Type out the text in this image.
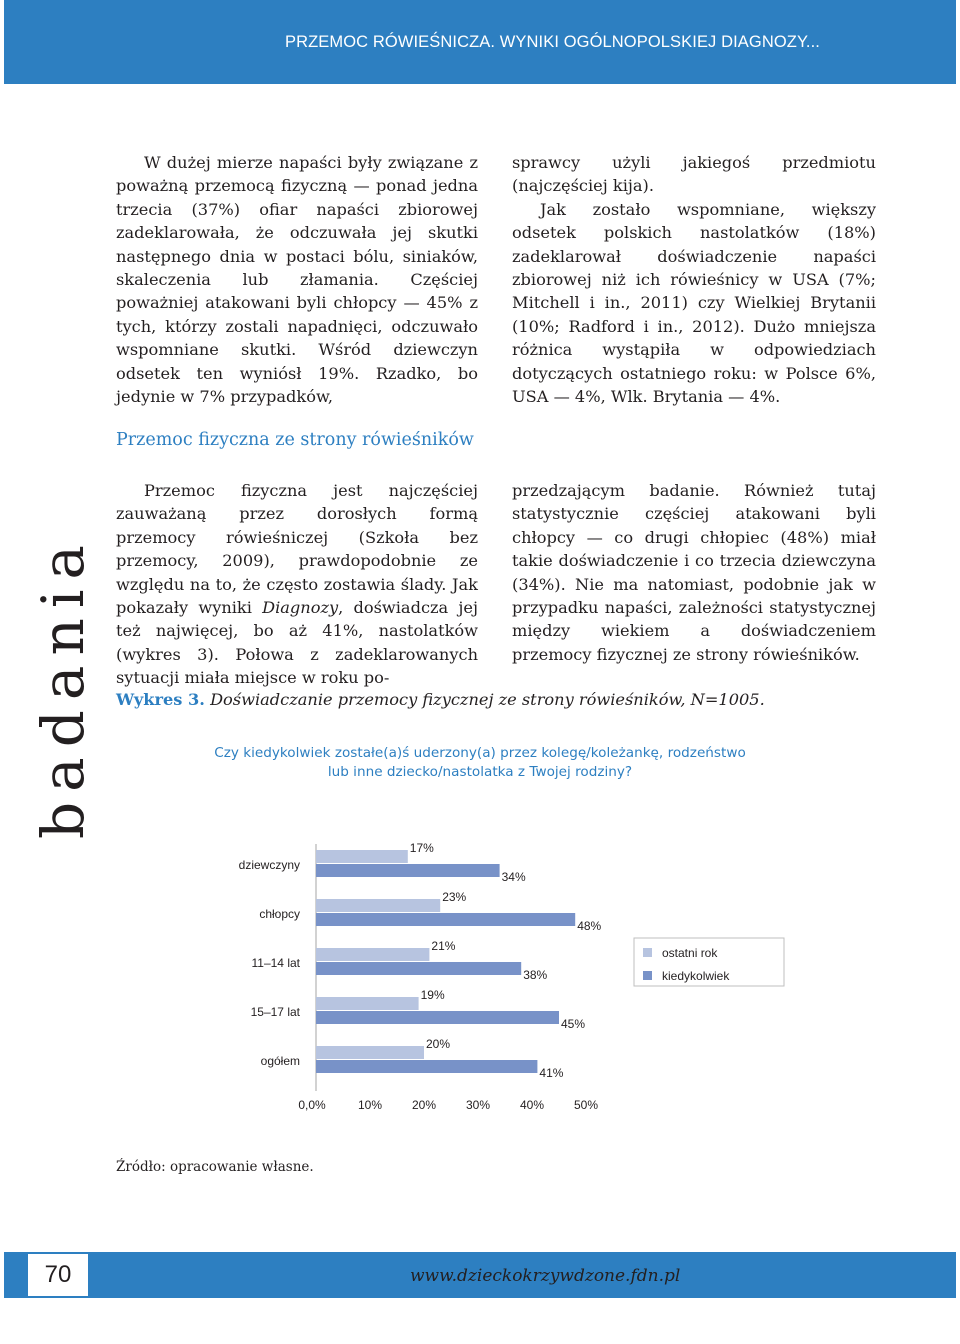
PRZEMOC RÓWIEŚNICZA. WYNIKI OGÓLNOPOLSKIEJ DIAGNOZY...

W dużej mierze napaści były związane z poważną przemocą fizyczną — ponad jedna trzecia (37%) ofiar napaści zbiorowej zadeklarowała, że odczuwała jej skutki następnego dnia w postaci bólu, siniaków, skaleczenia lub złamania. Częściej poważniej atakowani byli chłopcy — 45% z tych, którzy zostali napadnięci, odczuwało wspomniane skutki. Wśród dziewczyn odsetek ten wyniósł 19%. Rzadko, bo jedynie w 7% przypadków,

sprawcy użyli jakiegoś przedmiotu (najczęściej kija).

Jak zostało wspomniane, większy odsetek polskich nastolatków (18%) zadeklarował doświadczenie napaści zbiorowej niż ich rówieśnicy w USA (7%; Mitchell i in., 2011) czy Wielkiej Brytanii (10%; Radford i in., 2012). Dużo mniejsza różnica wystąpiła w odpowiedziach dotyczących ostatniego roku: w Polsce 6%, USA — 4%, Wlk. Brytania — 4%.

badania
Przemoc fizyczna ze strony rówieśników

Przemoc fizyczna jest najczęściej zauważaną przez dorosłych formą przemocy rówieśniczej (Szkoła bez przemocy, 2009), prawdopodobnie ze względu na to, że często zostawia ślady. Jak pokazały wyniki Diagnozy, doświadcza jej też najwięcej, bo aż 41%, nastolatków (wykres 3). Połowa z zadeklarowanych sytuacji miała miejsce w roku po-

przedzającym badanie. Również tutaj statystycznie częściej atakowani byli chłopcy — co drugi chłopiec (48%) miał takie doświadczenie i co trzecia dziewczyna (34%). Nie ma natomiast, podobnie jak w przypadku napaści, zależności statystycznej między wiekiem a doświadczeniem przemocy fizycznej ze strony rówieśników.

Wykres 3. Doświadczanie przemocy fizycznej ze strony rówieśników, N=1005.
Czy kiedykolwiek zostałe(a)ś uderzony(a) przez kolegę/koleżankę, rodzeństwo
lub inne dziecko/nastolatka z Twojej rodziny?
0,0%	10% 20% 30% 40% 50%
dziewczyny
17%
34%
chłopcy
23%
48%
11–14 lat
21%
38%
15–17 lat
19%
45%
ogółem
20%
41%
ostatni rok
kiedykolwiek
Źródło: opracowanie własne.
70	www.dzieckokrzywdzone.fdn.pl
